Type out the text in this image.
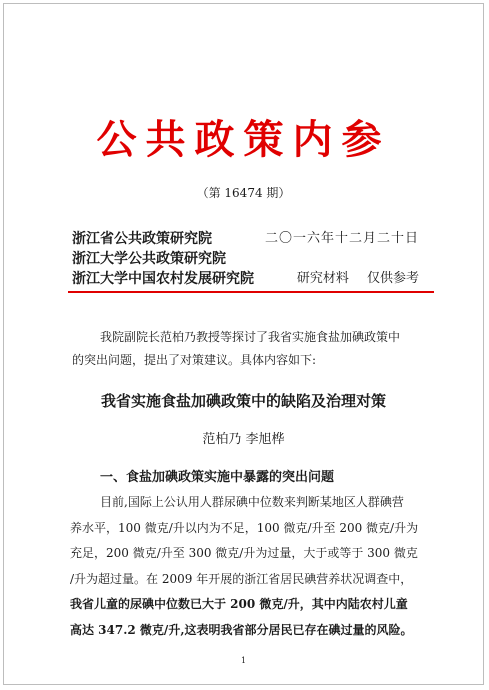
公共政策内参
（第 16474 期）
浙江省公共政策研究院
浙江大学公共政策研究院
浙江大学中国农村发展研究院
二〇一六年十二月二十日
研究材料 仅供参考
我院副院长范柏乃教授等探讨了我省实施食盐加碘政策中
的突出问题，提出了对策建议。具体内容如下:
我省实施食盐加碘政策中的缺陷及治理对策
范柏乃 李旭桦
一、食盐加碘政策实施中暴露的突出问题
目前,国际上公认用人群尿碘中位数来判断某地区人群碘营
养水平，100 微克/升以内为不足，100 微克/升至 200 微克/升为
充足，200 微克/升至 300 微克/升为过量，大于或等于 300 微克
/升为超过量。在 2009 年开展的浙江省居民碘营养状况调查中，
我省儿童的尿碘中位数已大于 200 微克/升，其中内陆农村儿童
高达 347.2 微克/升,这表明我省部分居民已存在碘过量的风险。
1
